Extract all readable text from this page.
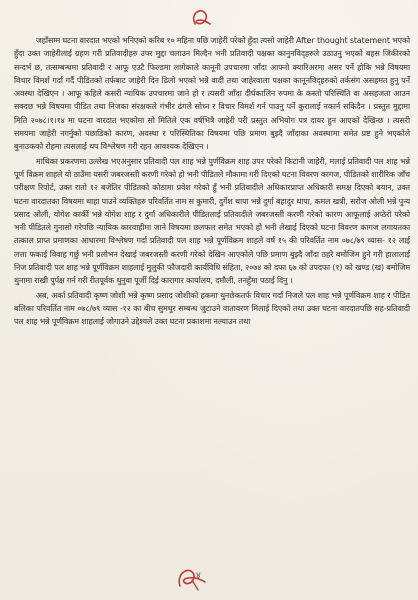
जहाँसम्म घटना वारदात भएको भनिएको करिब १० महिना पछि जाहेरी परेको हुँदा त्यसो जाहेरी After thought statement भएको हुँदा उक्त जाहेरीलाई ग्रहण गरी प्रतिवादीहरु उपर मुद्दा चलाउन मिल्दैन भनी प्रतिवादी पक्षका कानुनविद्हरुले उठाउनु भएको बहस जिकीरको सन्दर्भ छ, तत्सम्बन्धमा प्रतिवादी र आफू एउटै फिल्डमा लागेकाले कानूनी उपचारमा जाँदा आफ्नो क्यारिअरमा असर पर्ने होकि भन्ने विषयमा विचार विमर्श गर्दा गर्दै पीडितको तर्फबाट जाहेरी दिन ढिलो भएको भन्ने वादी तथा जाहेरवाला पक्षका कानूनविद्हरुको तर्कसंग असहमत हुनु पर्ने अवस्था देखिएन । आफू कहिले कसरी न्यायिक उपचारमा जाने हो र त्यसरी जाँदा दीर्घकालिन रुपमा के कस्तो परिस्थिति वा असहजता आउन सक्दछ भन्ने विषयमा पीडित तथा निजका संरक्षकले गंभीर ढंगले सोच्न र विचार विमर्श गर्न पाउनु पर्ने कुरालाई नकार्न सकिदैन । प्रस्तुत मुद्दामा मिति २०७८।१।१४ मा घटना वारदात भएकोमा सो मितिले एक वर्षभित्रै जाहेरी परी प्रस्तुत अभियोग पत्र दायर हुन आएको देखिन्छ । त्यसरी समयमा जाहेरी नगर्नुको पछाडिको कारण, अवस्था र परिस्थितिका विषयमा पछि प्रमाण बुझ्दै जाँदाका अवस्थामा समेत प्रष्ट हुने भएकोले बुनाउकको रोहमा त्यसलाई थप विश्लेषण गरी रहन आवश्यक देखिएन ।

माथिका प्रकरणमा उल्लेख भएअनुसार प्रतिवादी पल शाह भन्ने पुर्णविक्रम शाह उपर परेको किटानी जाहेरी, मलाई प्रतिवादी पल शाह भन्ने पूर्ण विक्रम शाहले यो ठाउँमा यसरी जबरजस्ती करणी गरेको हो भनी पीडितले मौकामा गरी दिएको घटना विवरण कागज, पीडितको शारीरिक जाँच परीक्षण रिपोर्ट, उक्त रातो १२ बजेतिर पीडितको कोठामा प्रवेश गरेको हुँ भनी प्रतिवादीले अधिकारप्राप्त अधिकारी समक्ष दिएको बयान, उक्त घटना वारदातका विषयमा थाहा पाउने व्यक्तिहरु परिवर्तित नाम स कुमारी, दुर्गेश थापा भन्ने दुर्गा बहादुर थापा, कमल खत्री, सरोज ओली भन्ने पुन्य प्रसाद ओली, योगेश कार्की भन्ने योगेश शाह र दुर्गा अधिकारीले पीडितलाई प्रतिवादीले जबरजस्ती करणी गरेको कारण आफूलाई अप्ठेरो परेको भनी पीडितले गुनासो गरेपछि न्यायिक कारवाहीमा जाने विषयमा छलफल समेत भएको हो भनी लेखाई दिएको घटना विवरण कागज लगायतका तत्काल प्राप्त प्रमाणका आधारमा विश्लेषण गर्दा प्रतिवादी पल शाह भन्ने पूर्णविक्रम शाहले वर्ष १५ की परिवर्तित नाम ०७८/७९ व्यास- १२ लाई लत्ता फकाई विवाह गर्छु भनी प्रलोभन देखाई जबरजस्ती करणी गरेको देखिन आएकोले पछि प्रमाण बुझ्दै जाँदा ठहरे बमोजिम हुने गरी हालालाई निज प्रतिवादी पल शाह भन्ने पूर्णविक्रम शाहलाई मुलुकी फौजदारी कार्यविधि संहिता, २०७४ को दफा ६७ को उपदफा (१) को खण्ड (ख) बमोजिम थुनामा राखी पुर्पक्ष गर्न गरी रीतपूर्वक थुनुवा पूर्जी दिई कारागार कार्यालय, दमौली, तनहुँमा पठाई दिनु ।

अब, अर्का प्रतिवादी कृष्ण जोशी भन्ने कृष्ण प्रसाद जोशीको हकमा थुनछेकतर्फ विचार गर्दा निजले पल शाह भन्ने पूर्णविक्रम शाह र पीडित बलिका परिवर्तित नाम ०७८/७९ व्यास -१२ का बीच सुमधुर सम्बन्ध जुटाउने वातावरण मिलाई दिएको तथा उक्त घटना वारदातपछि सह-प्रतिवादी पल शाह भन्ने पूर्णविक्रम शाहलाई जोगाउने उद्देश्यले उक्त घटना प्रकाशमा नल्याउन तथा

४
